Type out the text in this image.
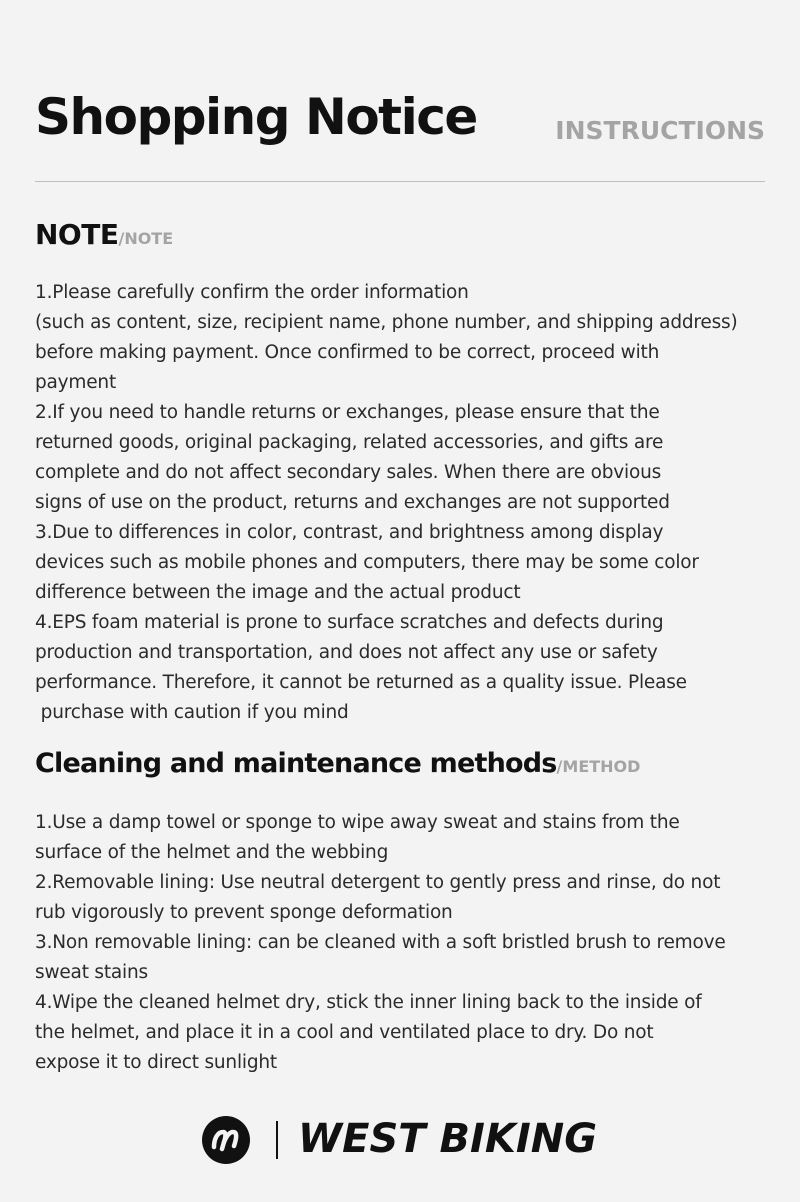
Shopping Notice	INSTRUCTIONS
NOTE/NOTE
1.Please carefully confirm the order information
(such as content, size, recipient name, phone number, and shipping address)
before making payment. Once confirmed to be correct, proceed with
payment
2.If you need to handle returns or exchanges, please ensure that the
returned goods, original packaging, related accessories, and gifts are
complete and do not affect secondary sales. When there are obvious
signs of use on the product, returns and exchanges are not supported
3.Due to differences in color, contrast, and brightness among display
devices such as mobile phones and computers, there may be some color
difference between the image and the actual product
4.EPS foam material is prone to surface scratches and defects during
production and transportation, and does not affect any use or safety
performance. Therefore, it cannot be returned as a quality issue. Please
purchase with caution if you mind
Cleaning and maintenance methods/METHOD
1.Use a damp towel or sponge to wipe away sweat and stains from the
surface of the helmet and the webbing
2.Removable lining: Use neutral detergent to gently press and rinse, do not
rub vigorously to prevent sponge deformation
3.Non removable lining: can be cleaned with a soft bristled brush to remove
sweat stains
4.Wipe the cleaned helmet dry, stick the inner lining back to the inside of
the helmet, and place it in a cool and ventilated place to dry. Do not
expose it to direct sunlight
WEST BIKING
